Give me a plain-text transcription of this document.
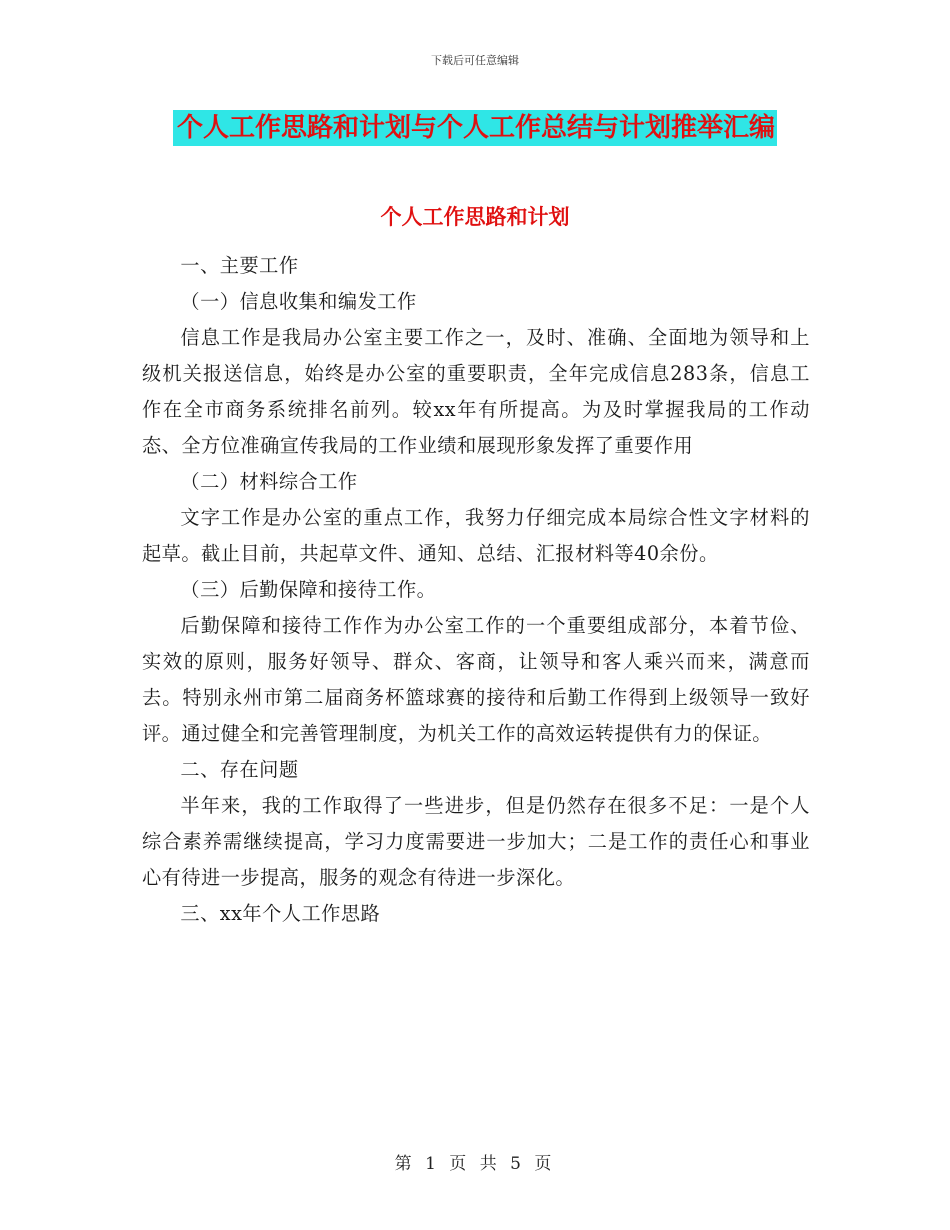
下载后可任意编辑
个人工作思路和计划与个人工作总结与计划推举汇编
个人工作思路和计划

一、主要工作

（一）信息收集和编发工作

信息工作是我局办公室主要工作之一，及时、准确、全面地为领导和上级机关报送信息，始终是办公室的重要职责，全年完成信息283条，信息工作在全市商务系统排名前列。较xx年有所提高。为及时掌握我局的工作动态、全方位准确宣传我局的工作业绩和展现形象发挥了重要作用

（二）材料综合工作

文字工作是办公室的重点工作，我努力仔细完成本局综合性文字材料的起草。截止目前，共起草文件、通知、总结、汇报材料等40余份。

（三）后勤保障和接待工作。

后勤保障和接待工作作为办公室工作的一个重要组成部分，本着节俭、实效的原则，服务好领导、群众、客商，让领导和客人乘兴而来，满意而去。特别永州市第二届商务杯篮球赛的接待和后勤工作得到上级领导一致好评。通过健全和完善管理制度，为机关工作的高效运转提供有力的保证。

二、存在问题

半年来，我的工作取得了一些进步，但是仍然存在很多不足：一是个人综合素养需继续提高，学习力度需要进一步加大；二是工作的责任心和事业心有待进一步提高，服务的观念有待进一步深化。

三、xx年个人工作思路

第 1 页 共 5 页
